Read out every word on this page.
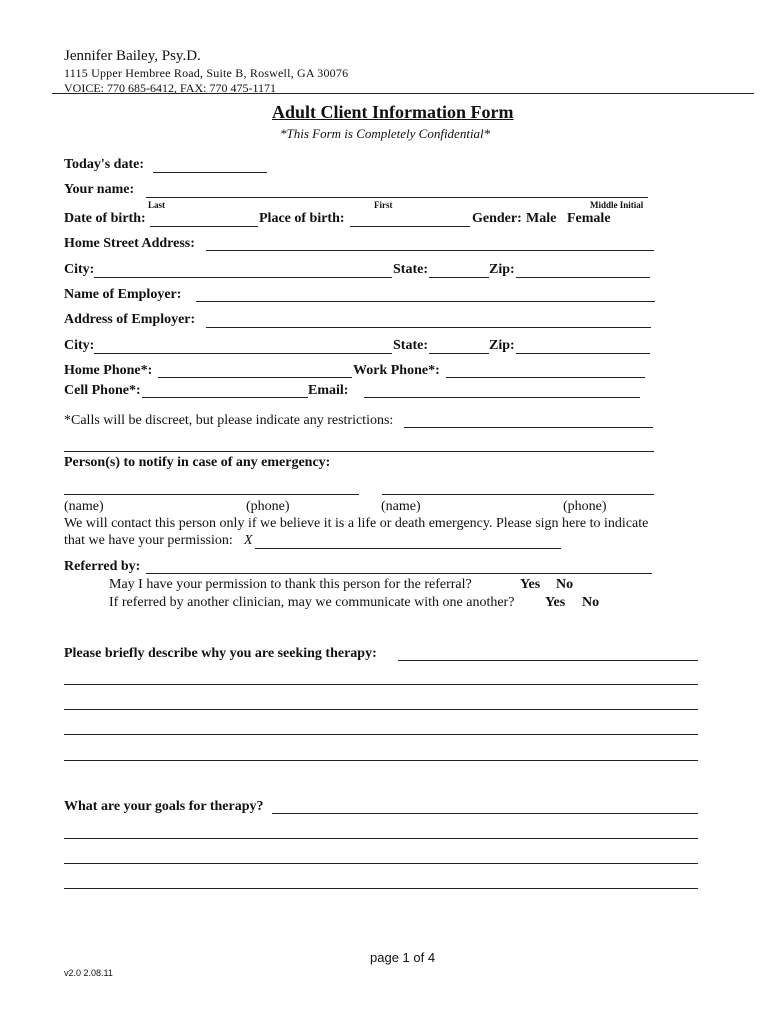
Jennifer Bailey, Psy.D.
1115 Upper Hembree Road, Suite B, Roswell, GA 30076
VOICE: 770 685-6412, FAX: 770 475-1171
Adult Client Information Form
*This Form is Completely Confidential*
Today's date:
Your name:
Last	First	Middle Initial
Date of birth:	Place of birth:	Gender: Male Female
Home Street Address:
City:	State:	Zip:
Name of Employer:
Address of Employer:
City:	State:	Zip:
Home Phone*:	Work Phone*:
Cell Phone*:	Email:
*Calls will be discreet, but please indicate any restrictions:
Person(s) to notify in case of any emergency:
(name)	(phone)	(name)	(phone)
We will contact this person only if we believe it is a life or death emergency. Please sign here to indicate
that we have your permission: X
Referred by:
May I have your permission to thank this person for the referral?	Yes No
If referred by another clinician, may we communicate with one another? Yes No
Please briefly describe why you are seeking therapy:
What are your goals for therapy?
page 1 of 4
v2.0 2.08.11
